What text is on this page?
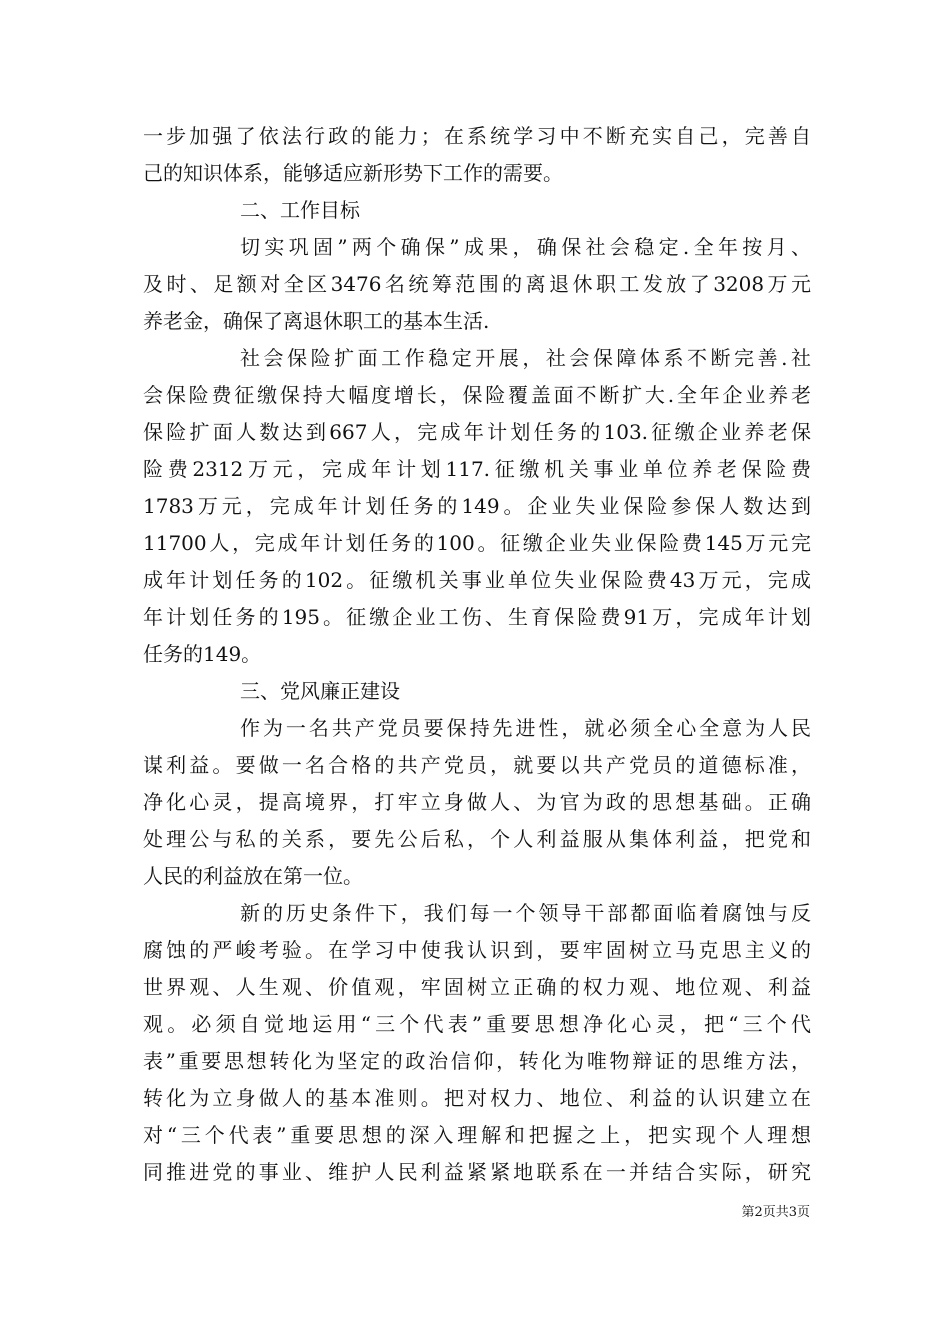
一步加强了依法行政的能力；在系统学习中不断充实自己，完善自
己的知识体系，能够适应新形势下工作的需要。
二、工作目标
切实巩固”两个确保”成果，确保社会稳定.全年按月、
及时、足额对全区3476名统筹范围的离退休职工发放了3208万元
养老金，确保了离退休职工的基本生活.
社会保险扩面工作稳定开展，社会保障体系不断完善.社
会保险费征缴保持大幅度增长，保险覆盖面不断扩大.全年企业养老
保险扩面人数达到667人，完成年计划任务的103.征缴企业养老保
险费2312万元，完成年计划117.征缴机关事业单位养老保险费
1783万元，完成年计划任务的149。企业失业保险参保人数达到
11700人，完成年计划任务的100。征缴企业失业保险费145万元完
成年计划任务的102。征缴机关事业单位失业保险费43万元，完成
年计划任务的195。征缴企业工伤、生育保险费91万，完成年计划
任务的149。
三、党风廉正建设
作为一名共产党员要保持先进性，就必须全心全意为人民
谋利益。要做一名合格的共产党员，就要以共产党员的道德标准，
净化心灵，提高境界，打牢立身做人、为官为政的思想基础。正确
处理公与私的关系，要先公后私，个人利益服从集体利益，把党和
人民的利益放在第一位。
新的历史条件下，我们每一个领导干部都面临着腐蚀与反
腐蚀的严峻考验。在学习中使我认识到，要牢固树立马克思主义的
世界观、人生观、价值观，牢固树立正确的权力观、地位观、利益
观。必须自觉地运用“三个代表”重要思想净化心灵，把“三个代
表”重要思想转化为坚定的政治信仰，转化为唯物辩证的思维方法，
转化为立身做人的基本准则。把对权力、地位、利益的认识建立在
对“三个代表”重要思想的深入理解和把握之上，把实现个人理想
同推进党的事业、维护人民利益紧紧地联系在一并结合实际，研究
第2页共3页
